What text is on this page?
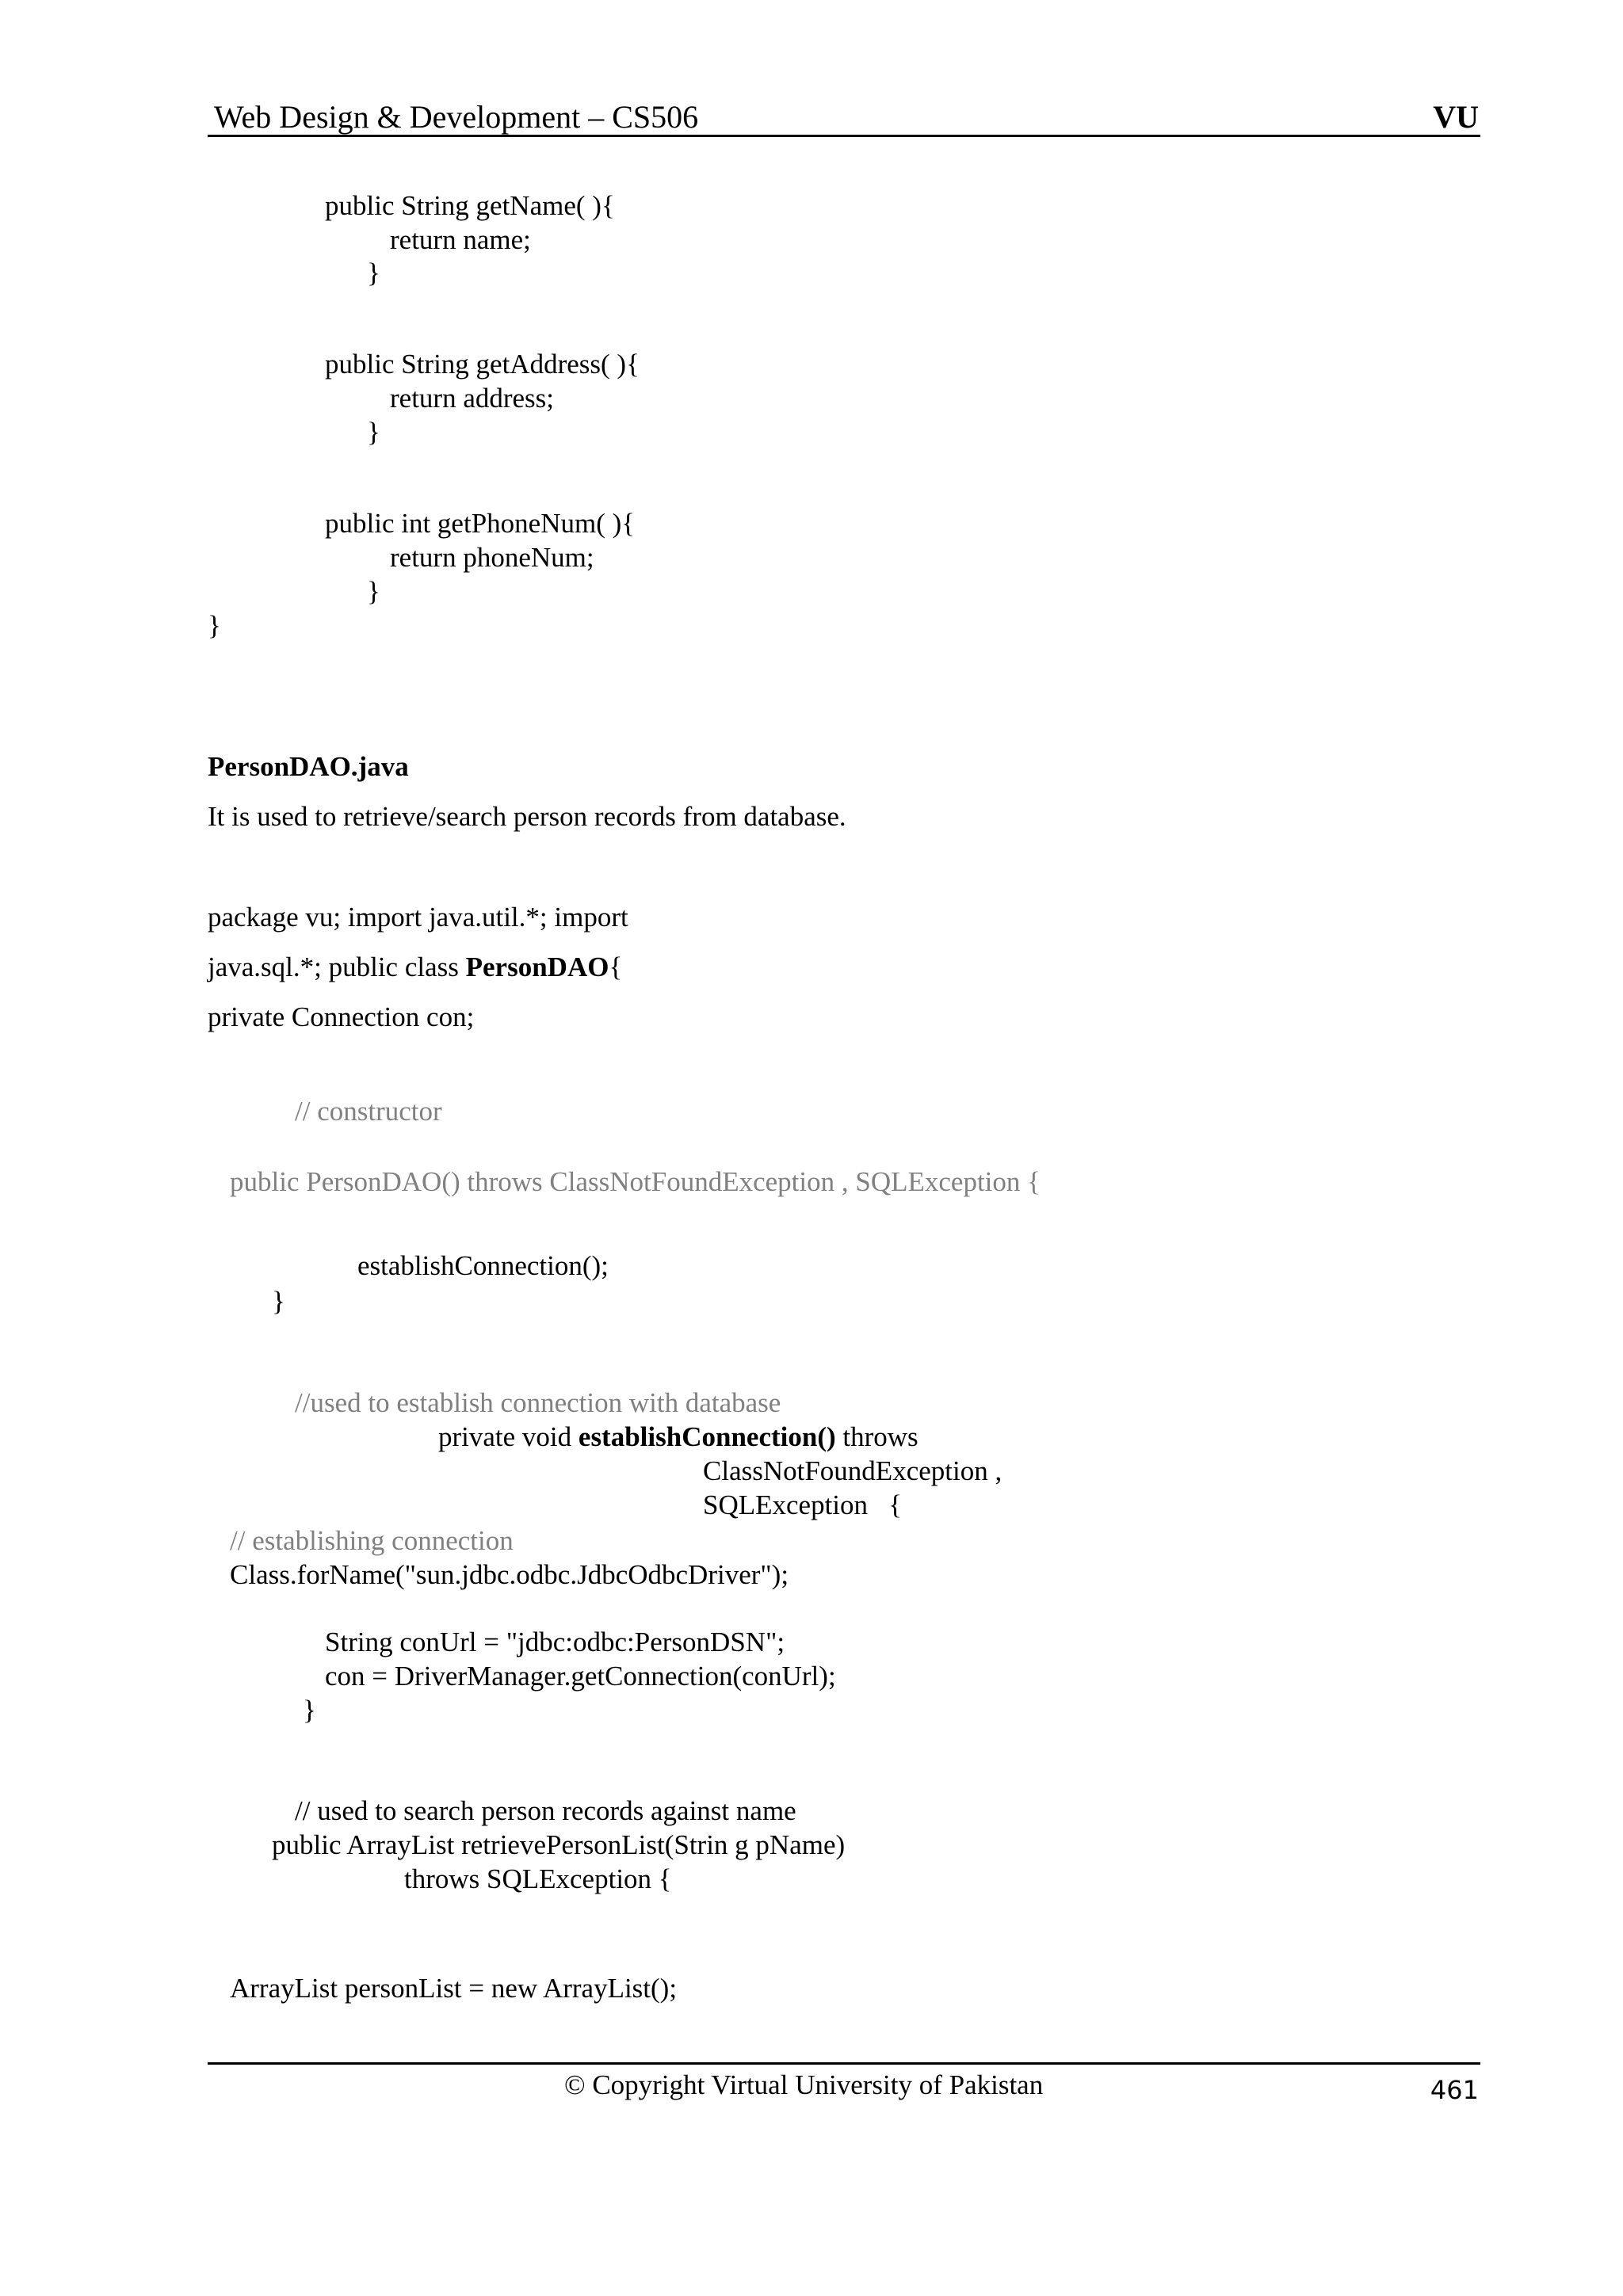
Web Design & Development – CS506	VU
public String getName( ){
return name;
}
public String getAddress( ){
return address;
}
public int getPhoneNum( ){
return phoneNum;
}
}
PersonDAO.java
It is used to retrieve/search person records from database.
package vu; import java.util.*; import
java.sql.*; public class PersonDAO{
private Connection con;
// constructor
public PersonDAO() throws ClassNotFoundException , SQLException {
establishConnection();
}
//used to establish connection with database
private void establishConnection() throws
ClassNotFoundException ,
SQLException   {
// establishing connection
Class.forName("sun.jdbc.odbc.JdbcOdbcDriver");
String conUrl = "jdbc:odbc:PersonDSN";
con = DriverManager.getConnection(conUrl);
}
// used to search person records against name
public ArrayList retrievePersonList(Strin g pName)
throws SQLException {
ArrayList personList = new ArrayList();
© Copyright Virtual University of Pakistan	461
